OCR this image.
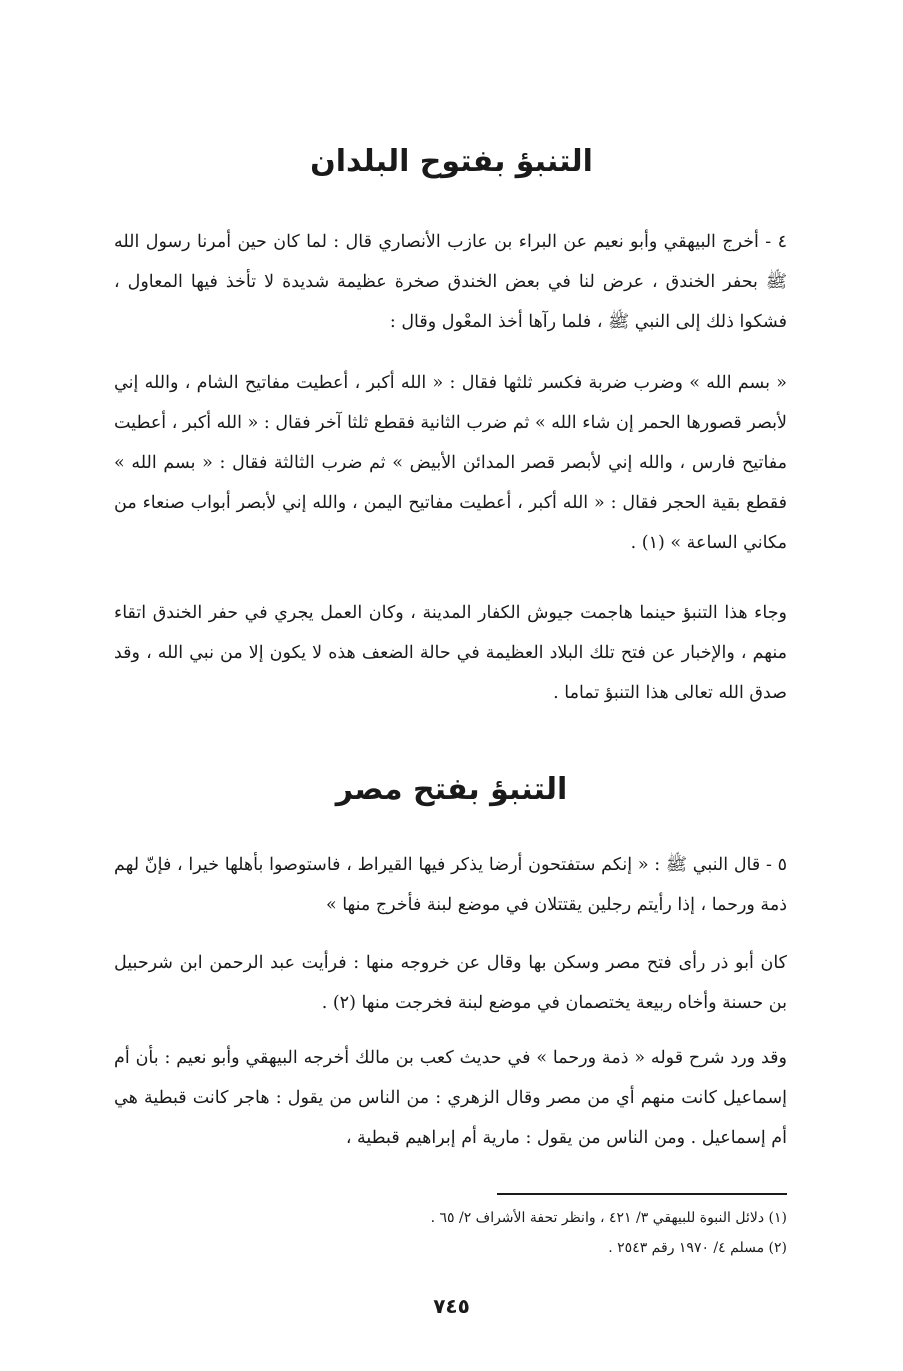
التنبؤ بفتوح البلدان

٤ - أخرج البيهقي وأبو نعيم عن البراء بن عازب الأنصاري قال : لما كان حين أمرنا رسول الله ﷺ بحفر الخندق ، عرض لنا في بعض الخندق صخرة عظيمة شديدة لا تأخذ فيها المعاول ، فشكوا ذلك إلى النبي ﷺ ، فلما رآها أخذ المعْول وقال :

« بسم الله » وضرب ضربة فكسر ثلثها فقال : « الله أكبر ، أعطيت مفاتيح الشام ، والله إني لأبصر قصورها الحمر إن شاء الله » ثم ضرب الثانية فقطع ثلثا آخر فقال : « الله أكبر ، أعطيت مفاتيح فارس ، والله إني لأبصر قصر المدائن الأبيض » ثم ضرب الثالثة فقال : « بسم الله » فقطع بقية الحجر فقال : « الله أكبر ، أعطيت مفاتيح اليمن ، والله إني لأبصر أبواب صنعاء من مكاني الساعة » (١) .

وجاء هذا التنبؤ حينما هاجمت جيوش الكفار المدينة ، وكان العمل يجري في حفر الخندق اتقاء منهم ، والإخبار عن فتح تلك البلاد العظيمة في حالة الضعف هذه لا يكون إلا من نبي الله ، وقد صدق الله تعالى هذا التنبؤ تماما .

التنبؤ بفتح مصر

٥ - قال النبي ﷺ : « إنكم ستفتحون أرضا يذكر فيها القيراط ، فاستوصوا بأهلها خيرا ، فإنّ لهم ذمة ورحما ، إذا رأيتم رجلين يقتتلان في موضع لبنة فأخرج منها »

كان أبو ذر رأى فتح مصر وسكن بها وقال عن خروجه منها : فرأيت عبد الرحمن ابن شرحبيل بن حسنة وأخاه ربيعة يختصمان في موضع لبنة فخرجت منها (٢) .

وقد ورد شرح قوله « ذمة ورحما » في حديث كعب بن مالك أخرجه البيهقي وأبو نعيم : بأن أم إسماعيل كانت منهم أي من مصر وقال الزهري : من الناس من يقول : هاجر كانت قبطية هي أم إسماعيل . ومن الناس من يقول : مارية أم إبراهيم قبطية ،

(١) دلائل النبوة للبيهقي ٣/ ٤٢١ ، وانظر تحفة الأشراف ٢/ ٦٥ .
(٢) مسلم ٤/ ١٩٧٠ رقم ٢٥٤٣ .
٧٤٥
